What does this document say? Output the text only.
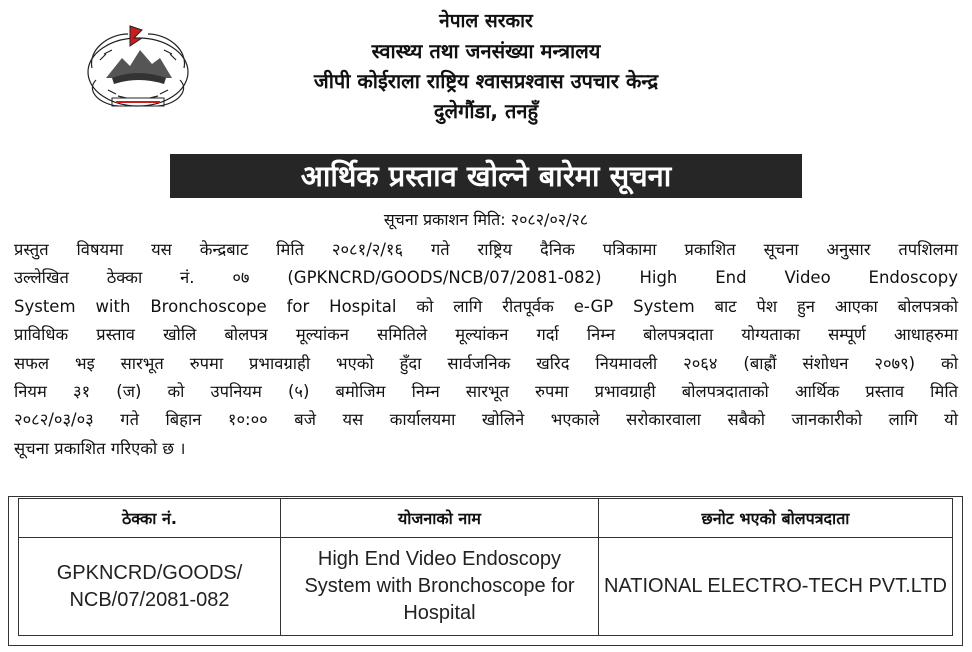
नेपाल सरकार

स्वास्थ्य तथा जनसंख्या मन्त्रालय

जीपी कोईराला राष्ट्रिय श्वासप्रश्वास उपचार केन्द्र

दुलेगौंडा, तनहुँ

आर्थिक प्रस्ताव खोल्ने बारेमा सूचना
सूचना प्रकाशन मिति: २०८२/०२/२८
प्रस्तुत विषयमा यस केन्द्रबाट मिति २०८१/२/१६ गते राष्ट्रिय दैनिक पत्रिकामा प्रकाशित सूचना अनुसार तपशिलमा
उल्लेखित ठेक्का नं. ०७ (GPKNCRD/GOODS/NCB/07/2081-082) High End Video Endoscopy
System with Bronchoscope for Hospital को लागि रीतपूर्वक e-GP System बाट पेश हुन आएका बोलपत्रको
प्राविधिक प्रस्ताव खोलि बोलपत्र मूल्यांकन समितिले मूल्यांकन गर्दा निम्न बोलपत्रदाता योग्यताका सम्पूर्ण आधाहरुमा
सफल भइ सारभूत रुपमा प्रभावग्राही भएको हुँदा सार्वजनिक खरिद नियमावली २०६४ (बाह्रौं संशोधन २०७९) को
नियम ३१ (ज) को उपनियम (५) बमोजिम निम्न सारभूत रुपमा प्रभावग्राही बोलपत्रदाताको आर्थिक प्रस्ताव मिति
२०८२/०३/०३ गते बिहान १०:०० बजे यस कार्यालयमा खोलिने भएकाले सरोकारवाला सबैको जानकारीको लागि यो
सूचना प्रकाशित गरिएको छ ।
ठेक्का नं.	योजनाको नाम	छनोट भएको बोलपत्रदाता
GPKNCRD/GOODS/ NCB/07/2081-082	High End Video Endoscopy System with Bronchoscope for Hospital	NATIONAL ELECTRO-TECH PVT.LTD
